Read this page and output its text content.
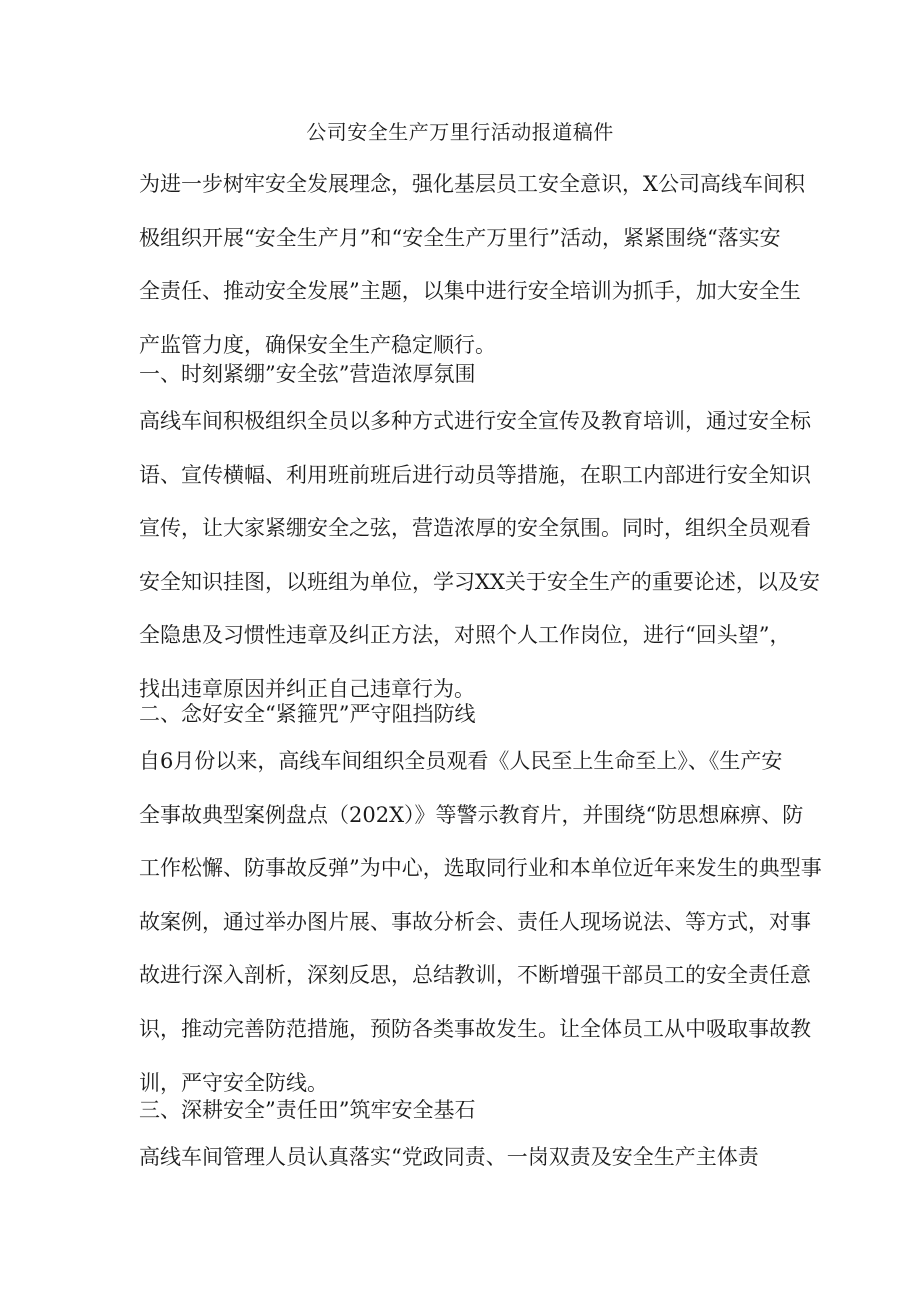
公司安全生产万里行活动报道稿件
为进一步树牢安全发展理念，强化基层员工安全意识，X公司高线车间积
极组织开展“安全生产月”和“安全生产万里行”活动，紧紧围绕“落实安
全责任、推动安全发展”主题，以集中进行安全培训为抓手，加大安全生
产监管力度，确保安全生产稳定顺行。
一、时刻紧绷”安全弦”营造浓厚氛围
高线车间积极组织全员以多种方式进行安全宣传及教育培训，通过安全标
语、宣传横幅、利用班前班后进行动员等措施，在职工内部进行安全知识
宣传，让大家紧绷安全之弦，营造浓厚的安全氛围。同时，组织全员观看
安全知识挂图，以班组为单位，学习XX关于安全生产的重要论述，以及安
全隐患及习惯性违章及纠正方法，对照个人工作岗位，进行“回头望”，
找出违章原因并纠正自己违章行为。
二、念好安全“紧箍咒”严守阻挡防线
自6月份以来，高线车间组织全员观看《人民至上生命至上》、《生产安
全事故典型案例盘点（202X）》等警示教育片，并围绕“防思想麻痹、防
工作松懈、防事故反弹”为中心，选取同行业和本单位近年来发生的典型事
故案例，通过举办图片展、事故分析会、责任人现场说法、等方式，对事
故进行深入剖析，深刻反思，总结教训，不断增强干部员工的安全责任意
识，推动完善防范措施，预防各类事故发生。让全体员工从中吸取事故教
训，严守安全防线。
三、深耕安全”责任田”筑牢安全基石
高线车间管理人员认真落实“党政同责、一岗双责及安全生产主体责
